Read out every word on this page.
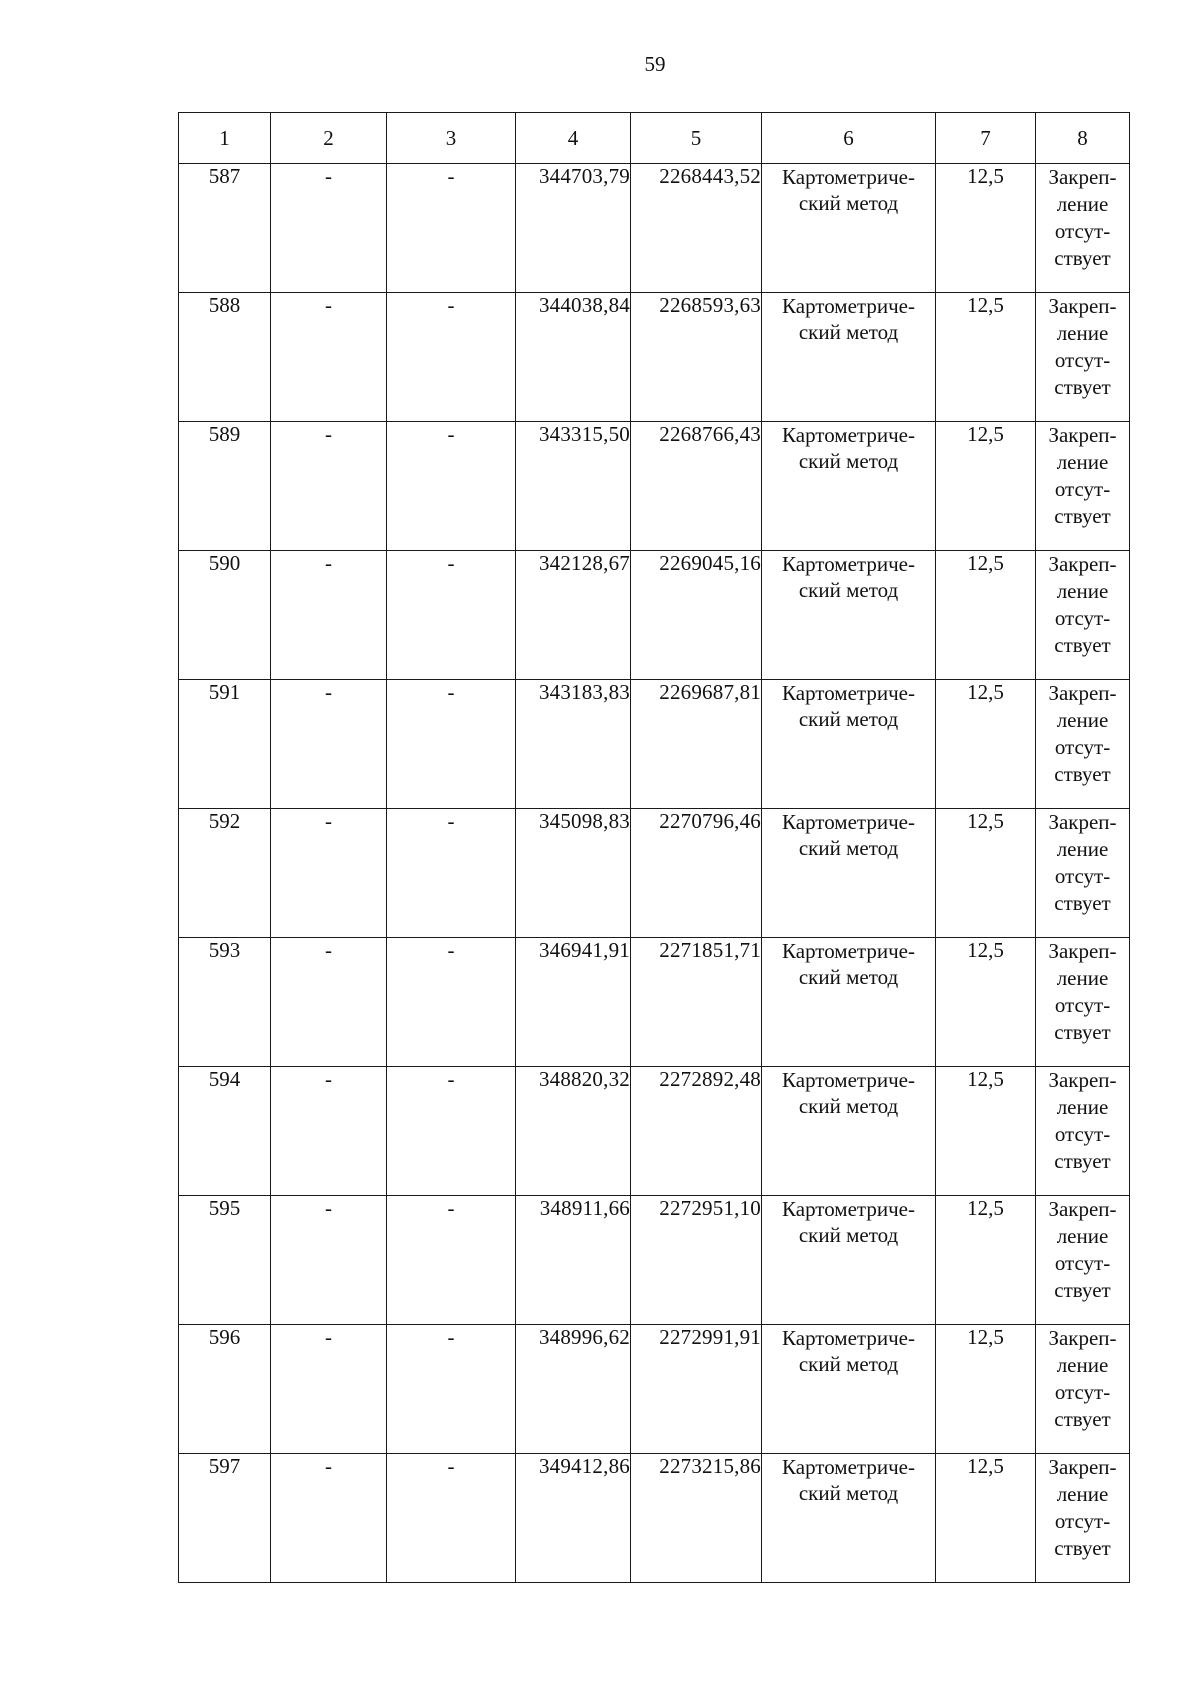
59
1	2	3	4	5	6	7	8
587	-	-	344703,79	2268443,52	Картометриче-
ский метод	12,5	Закреп-
ление
отсут-
ствует

588	-	-	344038,84	2268593,63	Картометриче-
ский метод	12,5	Закреп-
ление
отсут-
ствует

589	-	-	343315,50	2268766,43	Картометриче-
ский метод	12,5	Закреп-
ление
отсут-
ствует

590	-	-	342128,67	2269045,16	Картометриче-
ский метод	12,5	Закреп-
ление
отсут-
ствует

591	-	-	343183,83	2269687,81	Картометриче-
ский метод	12,5	Закреп-
ление
отсут-
ствует

592	-	-	345098,83	2270796,46	Картометриче-
ский метод	12,5	Закреп-
ление
отсут-
ствует

593	-	-	346941,91	2271851,71	Картометриче-
ский метод	12,5	Закреп-
ление
отсут-
ствует

594	-	-	348820,32	2272892,48	Картометриче-
ский метод	12,5	Закреп-
ление
отсут-
ствует

595	-	-	348911,66	2272951,10	Картометриче-
ский метод	12,5	Закреп-
ление
отсут-
ствует

596	-	-	348996,62	2272991,91	Картометриче-
ский метод	12,5	Закреп-
ление
отсут-
ствует

597	-	-	349412,86	2273215,86	Картометриче-
ский метод	12,5	Закреп-
ление
отсут-
ствует
